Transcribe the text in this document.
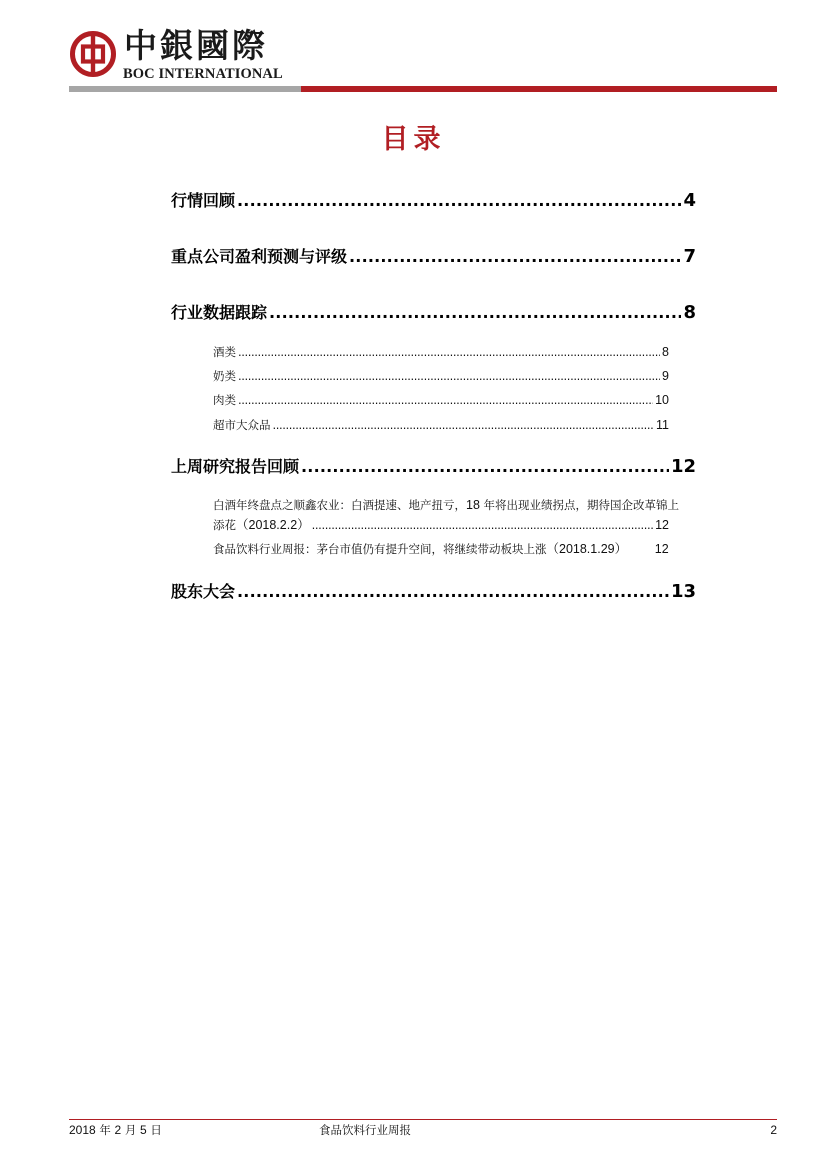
中銀國際
BOC INTERNATIONAL
目录
行情回顾 .....	4
重点公司盈利预测与评级 .....	7
行业数据跟踪 .....	8
酒类 .....	8
奶类 .....	9
肉类 .....	10
超市大众品 .....	11
上周研究报告回顾 .....	12
白酒年终盘点之顺鑫农业：白酒提速、地产扭亏，18 年将出现业绩拐点，期待国企改革锦上
添花（2018.2.2） .....	12
食品饮料行业周报：茅台市值仍有提升空间，将继续带动板块上涨（2018.1.29） 12
股东大会 .....	13
2018 年 2 月 5 日	食品饮料行业周报	2
